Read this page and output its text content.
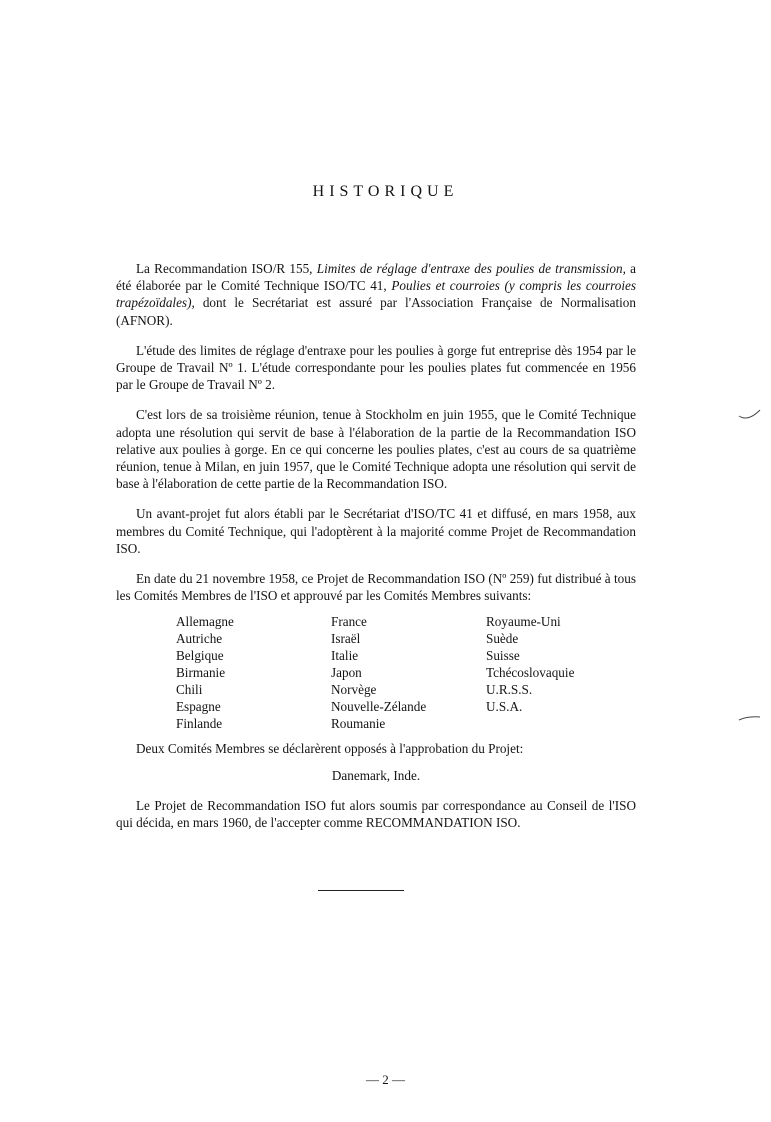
HISTORIQUE

La Recommandation ISO/R 155, Limites de réglage d'entraxe des poulies de transmission, a été élaborée par le Comité Technique ISO/TC 41, Poulies et courroies (y compris les courroies trapézoïdales), dont le Secrétariat est assuré par l'Association Française de Normalisation (AFNOR).

L'étude des limites de réglage d'entraxe pour les poulies à gorge fut entreprise dès 1954 par le Groupe de Travail Nº 1. L'étude correspondante pour les poulies plates fut commencée en 1956 par le Groupe de Travail Nº 2.

C'est lors de sa troisième réunion, tenue à Stockholm en juin 1955, que le Comité Technique adopta une résolution qui servit de base à l'élaboration de la partie de la Recommandation ISO relative aux poulies à gorge. En ce qui concerne les poulies plates, c'est au cours de sa quatrième réunion, tenue à Milan, en juin 1957, que le Comité Technique adopta une résolution qui servit de base à l'élaboration de cette partie de la Recommandation ISO.

Un avant-projet fut alors établi par le Secrétariat d'ISO/TC 41 et diffusé, en mars 1958, aux membres du Comité Technique, qui l'adoptèrent à la majorité comme Projet de Recommandation ISO.

En date du 21 novembre 1958, ce Projet de Recommandation ISO (Nº 259) fut distribué à tous les Comités Membres de l'ISO et approuvé par les Comités Membres suivants:

Allemagne
Autriche
Belgique
Birmanie
Chili
Espagne
Finlande
France
Israël
Italie
Japon
Norvège
Nouvelle-Zélande
Roumanie
Royaume-Uni
Suède
Suisse
Tchécoslovaquie
U.R.S.S.
U.S.A.

Deux Comités Membres se déclarèrent opposés à l'approbation du Projet:

Danemark, Inde.

Le Projet de Recommandation ISO fut alors soumis par correspondance au Conseil de l'ISO qui décida, en mars 1960, de l'accepter comme RECOMMANDATION ISO.

— 2 —
